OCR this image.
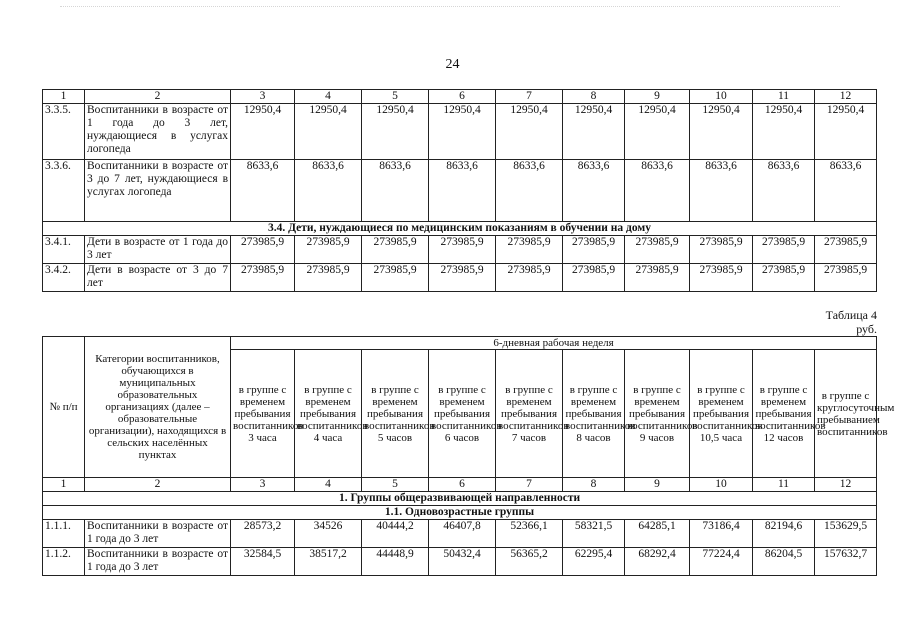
24
1	2	3	4	5	6	7	8	9	10	11	12
3.3.5.	Воспитанники в возрасте от 1 года до 3 лет, нуждающиеся в услугах логопеда	12950,4	12950,4	12950,4	12950,4	12950,4	12950,4	12950,4	12950,4	12950,4	12950,4
3.3.6.	Воспитанники в возрасте от 3 до 7 лет, нуждающиеся в услугах логопеда	8633,6	8633,6	8633,6	8633,6	8633,6	8633,6	8633,6	8633,6	8633,6	8633,6
3.4. Дети, нуждающиеся по медицинским показаниям в обучении на дому											
3.4.1.	Дети в возрасте от 1 года до 3 лет	273985,9	273985,9	273985,9	273985,9	273985,9	273985,9	273985,9	273985,9	273985,9	273985,9
3.4.2.	Дети в возрасте от 3 до 7 лет	273985,9	273985,9	273985,9	273985,9	273985,9	273985,9	273985,9	273985,9	273985,9	273985,9
Таблица 4
руб.
№ п/п	Категории воспитанников, обучающихся в муниципальных образовательных организациях (далее – образовательные организации), находящихся в сельских населённых пунктах	6-дневная рабочая неделя									
		в группе с временем пребывания воспитанников 3 часа	в группе с временем пребывания воспитанников 4 часа	в группе с временем пребывания воспитанников 5 часов	в группе с временем пребывания воспитанников 6 часов	в группе с временем пребывания воспитанников 7 часов	в группе с временем пребывания воспитанников 8 часов	в группе с временем пребывания воспитанников 9 часов	в группе с временем пребывания воспитанников 10,5 часа	в группе с временем пребывания воспитанников 12 часов	в группе с круглосуточным пребыванием воспитанников
1	2	3	4	5	6	7	8	9	10	11	12
1. Группы общеразвивающей направленности											
1.1. Одновозрастные группы											
1.1.1.	Воспитанники в возрасте от 1 года до 3 лет	28573,2	34526	40444,2	46407,8	52366,1	58321,5	64285,1	73186,4	82194,6	153629,5
1.1.2.	Воспитанники в возрасте от 1 года до 3 лет	32584,5	38517,2	44448,9	50432,4	56365,2	62295,4	68292,4	77224,4	86204,5	157632,7
